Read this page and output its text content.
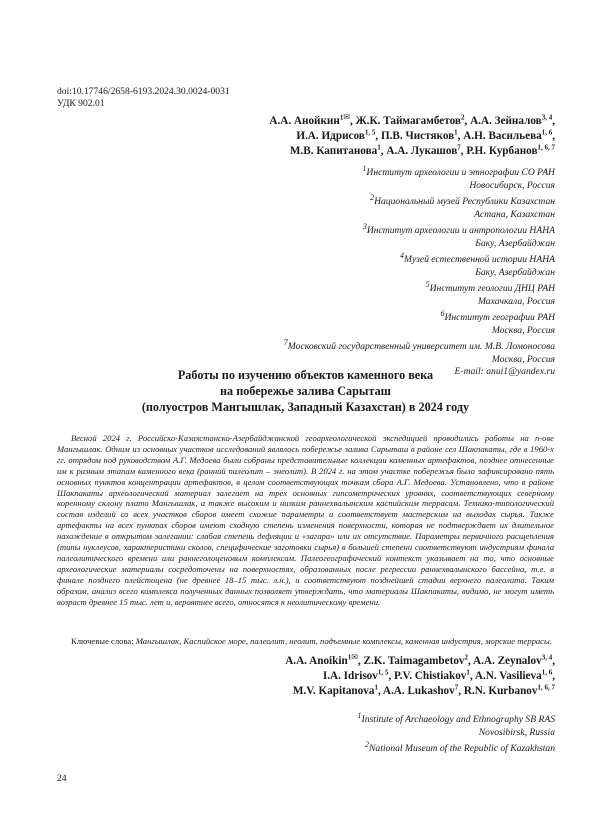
doi:10.17746/2658-6193.2024.30.0024-0031
УДК 902.01
А.А. Анойкин$^{1✉}$, Ж.К. Таймагамбетов$^2$, А.А. Зейналов$^{3, 4}$,
И.А. Идрисов$^{1, 5}$, П.В. Чистяков$^1$, А.Н. Васильева$^{1, 6}$,
М.В. Капитанова$^1$, А.А. Лукашов$^7$, Р.Н. Курбанов$^{1, 6, 7}$
$^1$Институт археологии и этнографии СО РАН
Новосибирск, Россия
$^2$Национальный музей Республики Казахстан
Астана, Казахстан
$^3$Институт археологии и антропологии НАНА
Баку, Азербайджан
$^4$Музей естественной истории НАНА
Баку, Азербайджан
$^5$Институт геологии ДНЦ РАН
Махачкала, Россия
$^6$Институт географии РАН
Москва, Россия
$^7$Московский государственный университет им. М.В. Ломоносова
Москва, Россия
E-mail: anui1@yandex.ru
Работы по изучению объектов каменного века
на побережье залива Сарыташ
(полуостров Мангышлак, Западный Казахстан) в 2024 году
Весной 2024 г. Российско-Казахстанско-Азербайджанской геоархеологической экспедицией проводились работы на п-ове Мангышлак. Одним из основных участков исследований являлось побережье залива Сарыташ в районе сел Шакпакаты, где в 1960-х гг. отрядом под руководством А.Г. Медоева были собраны представительные коллекции каменных артефактов, позднее отнесенные им к разным этапам каменного века (ранний палеолит – энеолит). В 2024 г. на этом участке побережья было зафиксировано пять основных пунктов концентрации артефактов, в целом соответствующих точкам сбора А.Г. Медоева. Установлено, что в районе Шакпакаты археологический материал залегает на трех основных гипсометрических уровнях, соответствующих северному коренному склону плато Мангышлак, а также высоким и низким раннехвалынским каспийским террасам. Технико-типологический состав изделий со всех участков сборов имеет схожие параметры и соответствует мастерским на выходах сырья. Также артефакты на всех пунктах сборов имеют сходную степень изменения поверхности, которая не подтверждает их длительное нахождение в открытом залегании: слабая степень дефляции и «загара» или их отсутствие. Параметры первичного расщепления (типы нуклеусов, характеристики сколов, специфические заготовки сырья) в большей степени соответствуют индустриям финала палеолитического времени или раннеголоценовым комплексам. Палеогеографический контекст указывает на то, что основные археологические материалы сосредоточены на поверхностях, образованных после регрессии раннехвалынского бассейна, т.е. в финале позднего плейстоцена (не древнее 18–15 тыс. л.н.), и соответствуют позднейшей стадии верхнего палеолита. Таким образом, анализ всего комплекса полученных данных позволяет утверждать, что материалы Шакпакаты, видимо, не могут иметь возраст древнее 15 тыс. лет и, вероятнее всего, относятся к неолитическому времени.
Ключевые слова: Мангышлак, Каспийское море, палеолит, неолит, подъемные комплексы, каменная индустрия, морские террасы.
A.A. Anoikin$^{1✉}$, Z.K. Taimagambetov$^2$, A.A. Zeynalov$^{3, 4}$,
I.A. Idrisov$^{1, 5}$, P.V. Chistiakov$^1$, A.N. Vasilieva$^{1, 6}$,
M.V. Kapitanova$^1$, A.A. Lukashov$^7$, R.N. Kurbanov$^{1, 6, 7}$
$^1$Institute of Archaeology and Ethnography SB RAS
Novosibirsk, Russia
$^2$National Museum of the Republic of Kazakhstan
24
